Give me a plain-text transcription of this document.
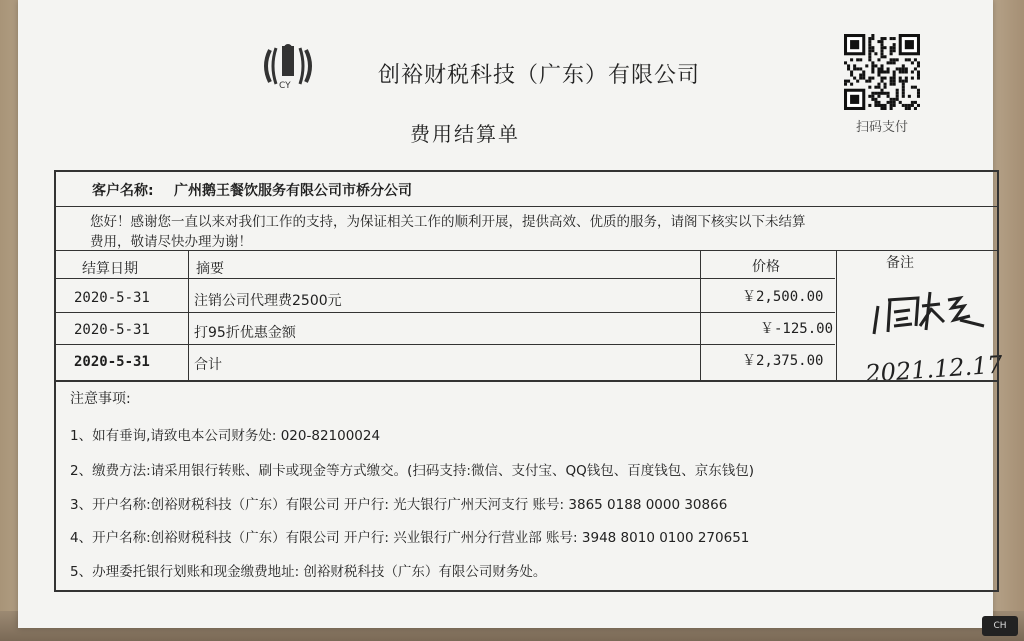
CY	创裕财税科技（广东）有限公司
费用结算单	扫码支付
2021.12.17
客户名称: 广州鹅王餐饮服务有限公司市桥分公司
您好！感谢您一直以来对我们工作的支持，为保证相关工作的顺利开展，提供高效、优质的服务，请阁下核实以下未结算
费用，敬请尽快办理为谢！
结算日期	摘要	价格	备注
2020-5-31	注销公司代理费2500元	￥2,500.00
2020-5-31	打95折优惠金额	￥-125.00
2020-5-31	合计	￥2,375.00
注意事项:
1、如有垂询,请致电本公司财务处: 020-82100024
2、缴费方法:请采用银行转账、刷卡或现金等方式缴交。(扫码支持:微信、支付宝、QQ钱包、百度钱包、京东钱包)
3、开户名称:创裕财税科技（广东）有限公司 开户行: 光大银行广州天河支行 账号: 3865 0188 0000 30866
4、开户名称:创裕财税科技（广东）有限公司 开户行: 兴业银行广州分行营业部 账号: 3948 8010 0100 270651
5、办理委托银行划账和现金缴费地址: 创裕财税科技（广东）有限公司财务处。
CH
